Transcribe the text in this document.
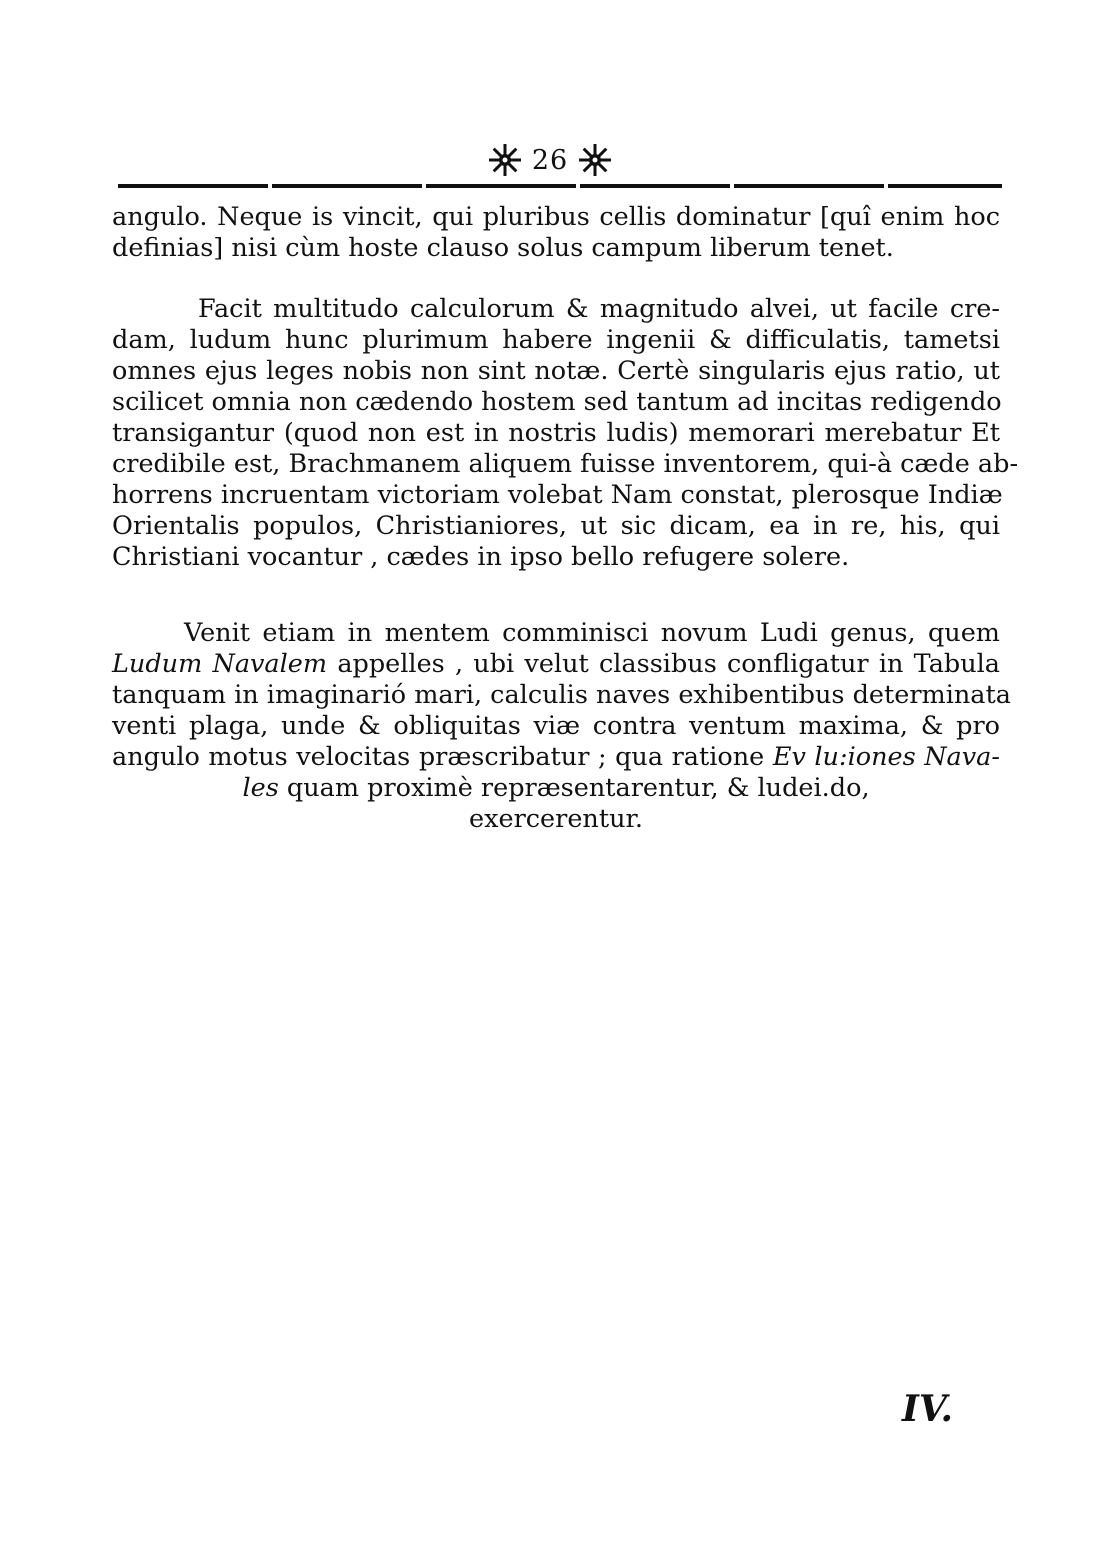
26
angulo. Neque is vincit, qui pluribus cellis dominatur [quî enim hoc
definias] nisi cùm hoste clauso solus campum liberum tenet.
Facit multitudo calculorum & magnitudo alvei, ut facile cre-
dam, ludum hunc plurimum habere ingenii & difficulatis, tametsi
omnes ejus leges nobis non sint notæ. Certè singularis ejus ratio, ut
scilicet omnia non cædendo hostem sed tantum ad incitas redigendo
transigantur (quod non est in nostris ludis) memorari merebatur Et
credibile est, Brachmanem aliquem fuisse inventorem, qui-à cæde ab-
horrens incruentam victoriam volebat Nam constat, plerosque Indiæ
Orientalis populos, Christianiores, ut sic dicam, ea in re, his, qui
Christiani vocantur , cædes in ipso bello refugere solere.
Venit etiam in mentem comminisci novum Ludi genus, quem
Ludum Navalem appelles , ubi velut classibus confligatur in Tabula
tanquam in imaginarió mari, calculis naves exhibentibus determinata
venti plaga, unde & obliquitas viæ contra ventum maxima, & pro
angulo motus velocitas præscribatur ; qua ratione Ev lu:iones Nava-
les quam proximè repræsentarentur, & ludei.do,
exercerentur.
IV.
